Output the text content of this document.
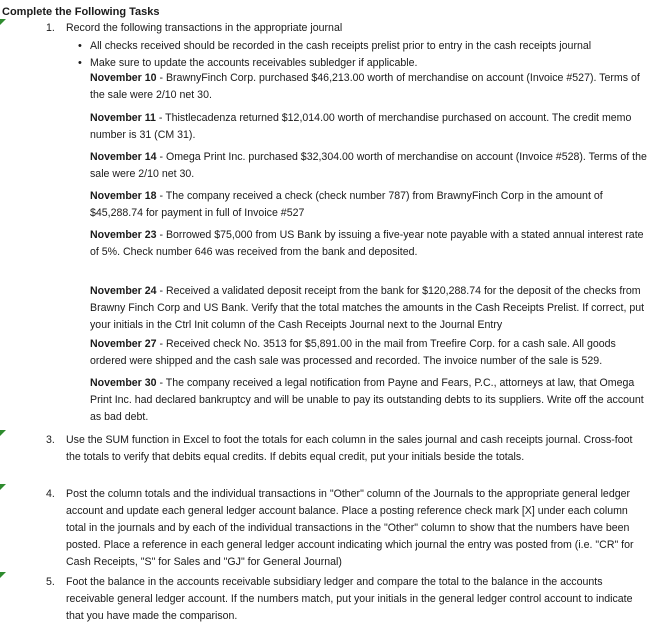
Complete the Following Tasks
1. Record the following transactions in the appropriate journal
• All checks received should be recorded in the cash receipts prelist prior to entry in the cash receipts journal
• Make sure to update the accounts receivables subledger if applicable.
November 10 - BrawnyFinch Corp. purchased $46,213.00 worth of merchandise on account (Invoice #527). Terms of the sale were 2/10 net 30.
November 11 - Thistlecadenza returned $12,014.00 worth of merchandise purchased on account. The credit memo number is 31 (CM 31).
November 14 - Omega Print Inc. purchased $32,304.00 worth of merchandise on account (Invoice #528). Terms of the sale were 2/10 net 30.
November 18 - The company received a check (check number 787) from BrawnyFinch Corp in the amount of $45,288.74 for payment in full of Invoice #527
November 23 - Borrowed $75,000 from US Bank by issuing a five-year note payable with a stated annual interest rate of 5%. Check number 646 was received from the bank and deposited.
November 24 - Received a validated deposit receipt from the bank for $120,288.74 for the deposit of the checks from Brawny Finch Corp and US Bank. Verify that the total matches the amounts in the Cash Receipts Prelist. If correct, put your initials in the Ctrl Init column of the Cash Receipts Journal next to the Journal Entry
November 27 - Received check No. 3513 for $5,891.00 in the mail from Treefire Corp. for a cash sale. All goods ordered were shipped and the cash sale was processed and recorded. The invoice number of the sale is 529.
November 30 - The company received a legal notification from Payne and Fears, P.C., attorneys at law, that Omega Print Inc. had declared bankruptcy and will be unable to pay its outstanding debts to its suppliers. Write off the account as bad debt.
3. Use the SUM function in Excel to foot the totals for each column in the sales journal and cash receipts journal. Cross-foot the totals to verify that debits equal credits. If debits equal credit, put your initials beside the totals.
4. Post the column totals and the individual transactions in "Other" column of the Journals to the appropriate general ledger account and update each general ledger account balance. Place a posting reference check mark [X] under each column total in the journals and by each of the individual transactions in the "Other" column to show that the numbers have been posted. Place a reference in each general ledger account indicating which journal the entry was posted from (i.e. "CR" for Cash Receipts, "S" for Sales and "GJ" for General Journal)
5. Foot the balance in the accounts receivable subsidiary ledger and compare the total to the balance in the accounts receivable general ledger account. If the numbers match, put your initials in the general ledger control account to indicate that you have made the comparison.
